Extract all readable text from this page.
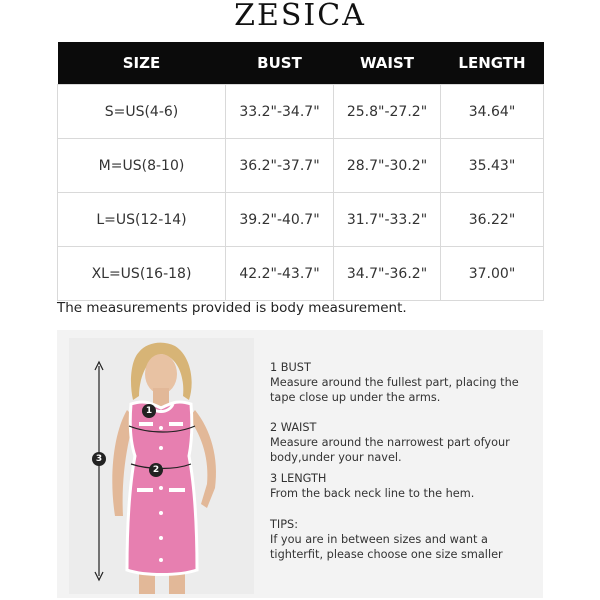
ZESICA
SIZE	BUST	WAIST	LENGTH
S=US(4-6)	33.2"-34.7"	25.8"-27.2"	34.64"
M=US(8-10)	36.2"-37.7"	28.7"-30.2"	35.43"
L=US(12-14)	39.2"-40.7"	31.7"-33.2"	36.22"
XL=US(16-18)	42.2"-43.7"	34.7"-36.2"	37.00"
The measurements provided is body measurement.
1
2
3
1 BUST
Measure around the fullest part, placing the tape close up under the arms.
2 WAIST
Measure around the narrowest part ofyour body,under your navel.
3 LENGTH
From the back neck line to the hem.
TIPS:
If you are in between sizes and want a tighterfit, please choose one size smaller
